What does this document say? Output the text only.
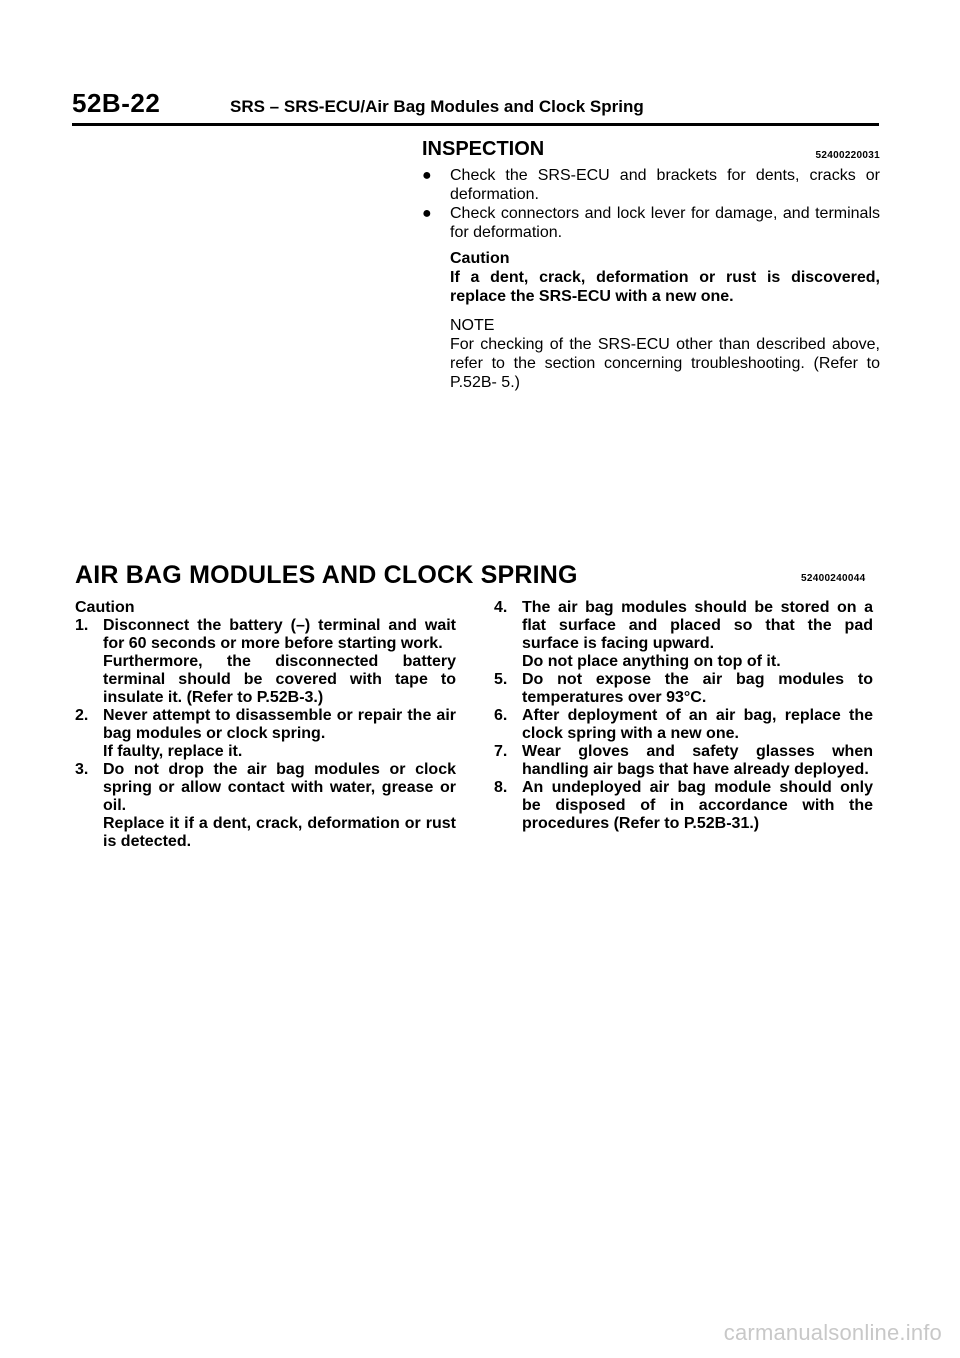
52B-22	SRS – SRS-ECU/Air Bag Modules and Clock Spring
INSPECTION	52400220031
● Check the SRS-ECU and brackets for dents, cracks or deformation.
● Check connectors and lock lever for damage, and terminals for deformation.
Caution
If a dent, crack, deformation or rust is discovered, replace the SRS-ECU with a new one.
NOTE
For checking of the SRS-ECU other than described above, refer to the section concerning troubleshooting. (Refer to P.52B- 5.)
AIR BAG MODULES AND CLOCK SPRING	52400240044
Caution
1. Disconnect the battery (–) terminal and wait for 60 seconds or more before starting work.
Furthermore, the disconnected battery terminal should be covered with tape to insulate it. (Refer to P.52B-3.)
2. Never attempt to disassemble or repair the air bag modules or clock spring.
If faulty, replace it.
3. Do not drop the air bag modules or clock spring or allow contact with water, grease or oil.
Replace it if a dent, crack, deformation or rust is detected.
4. The air bag modules should be stored on a flat surface and placed so that the pad surface is facing upward.
Do not place anything on top of it.
5. Do not expose the air bag modules to temperatures over 93°C.
6. After deployment of an air bag, replace the clock spring with a new one.
7. Wear gloves and safety glasses when handling air bags that have already deployed.
8. An undeployed air bag module should only be disposed of in accordance with the procedures (Refer to P.52B-31.)
carmanualsonline.info
